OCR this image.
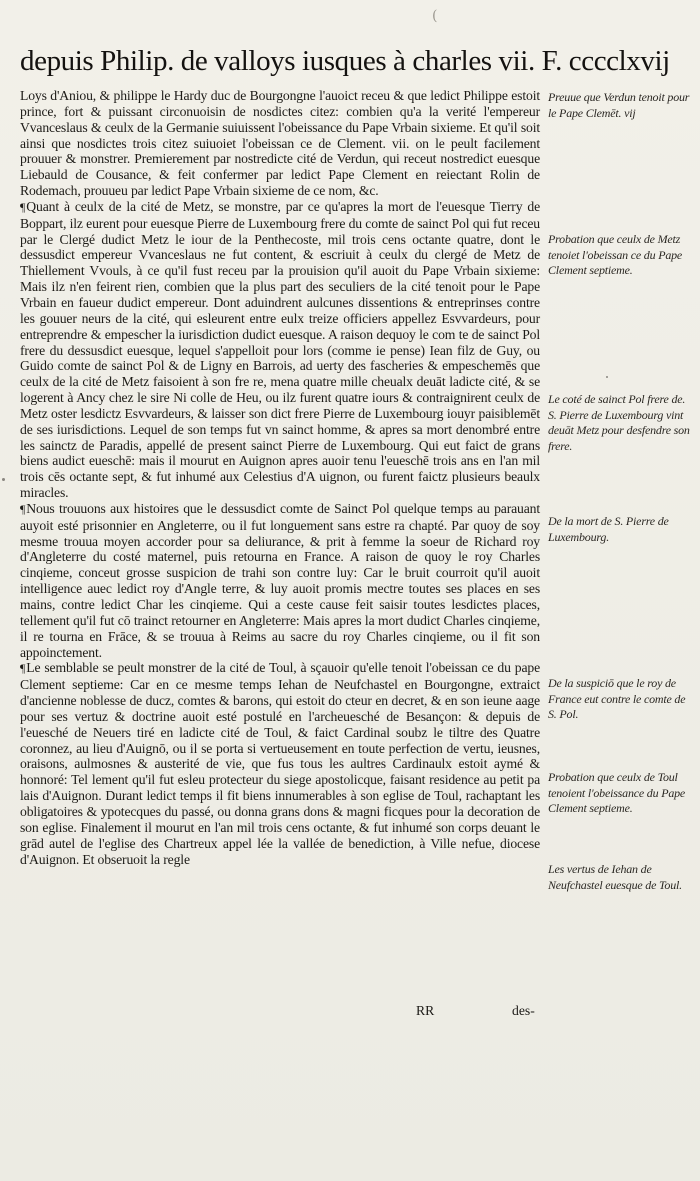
(
depuis Philip. de valloys iusques à charles vii. F. cccclxvij

Loys d'Aniou, & philippe le Hardy duc de Bourgongne l'auoict receu & que ledict Philippe estoit prince, fort & puissant circonuoisin de nosdictes citez: combien qu'a la verité l'empereur Vvanceslaus & ceulx de la Germanie suiuissent l'obeissance du Pape Vrbain sixieme. Et qu'il soit ainsi que nosdictes trois citez suiuoiet l'obeissan ce de Clement. vii. on le peult facilement prouuer & monstrer. Premierement par nostredicte cité de Verdun, qui receut nostredict euesque Liebauld de Cousance, & feit confermer par ledict Pape Clement en reiectant Rolin de Rodemach, prouueu par ledict Pape Vrbain sixieme de ce nom, &c.

¶Quant à ceulx de la cité de Metz, se monstre, par ce qu'apres la mort de l'euesque Tierry de Boppart, ilz eurent pour euesque Pierre de Luxembourg frere du comte de sainct Pol qui fut receu par le Clergé dudict Metz le iour de la Penthecoste, mil trois cens octante quatre, dont le dessusdict empereur Vvanceslaus ne fut content, & escriuit à ceulx du clergé de Metz de Thiellement Vvouls, à ce qu'il fust receu par la prouision qu'il auoit du Pape Vrbain sixieme: Mais ilz n'en feirent rien, combien que la plus part des seculiers de la cité tenoit pour le Pape Vrbain en faueur dudict empereur. Dont aduindrent aulcunes dissentions & entreprinses contre les gouuer neurs de la cité, qui esleurent entre eulx treize officiers appellez Esvvardeurs, pour entreprendre & empescher la iurisdiction dudict euesque. A raison dequoy le com te de sainct Pol frere du dessusdict euesque, lequel s'appelloit pour lors (comme ie pense) Iean filz de Guy, ou Guido comte de sainct Pol & de Ligny en Barrois, ad uerty des fascheries & empeschemēs que ceulx de la cité de Metz faisoient à son fre re, mena quatre mille cheualx deuāt ladicte cité, & se logerent à Ancy chez le sire Ni colle de Heu, ou ilz furent quatre iours & contraignirent ceulx de Metz oster lesdictz Esvvardeurs, & laisser son dict frere Pierre de Luxembourg iouyr paisiblemēt de ses iurisdictions. Lequel de son temps fut vn sainct homme, & apres sa mort denombré entre les sainctz de Paradis, appellé de present sainct Pierre de Luxembourg. Qui eut faict de grans biens audict eueschē: mais il mourut en Auignon apres auoir tenu l'eueschē trois ans en l'an mil trois cēs octante sept, & fut inhumé aux Celestius d'A uignon, ou furent faictz plusieurs beaulx miracles.

¶Nous trouuons aux histoires que le dessusdict comte de Sainct Pol quelque temps au parauant auyoit esté prisonnier en Angleterre, ou il fut longuement sans estre ra chapté. Par quoy de soy mesme trouua moyen accorder pour sa deliurance, & prit à femme la soeur de Richard roy d'Angleterre du costé maternel, puis retourna en France. A raison de quoy le roy Charles cinqieme, conceut grosse suspicion de trahi son contre luy: Car le bruit courroit qu'il auoit intelligence auec ledict roy d'Angle terre, & luy auoit promis mectre toutes ses places en ses mains, contre ledict Char les cinqieme. Qui a ceste cause feit saisir toutes lesdictes places, tellement qu'il fut cō trainct retourner en Angleterre: Mais apres la mort dudict Charles cinqieme, il re tourna en Frāce, & se trouua à Reims au sacre du roy Charles cinqieme, ou il fit son appoinctement.

¶Le semblable se peult monstrer de la cité de Toul, à sçauoir qu'elle tenoit l'obeissan ce du pape Clement septieme: Car en ce mesme temps Iehan de Neufchastel en Bourgongne, extraict d'ancienne noblesse de ducz, comtes & barons, qui estoit do cteur en decret, & en son ieune aage pour ses vertuz & doctrine auoit esté postulé en l'archeuesché de Besançon: & depuis de l'euesché de Neuers tiré en ladicte cité de Toul, & faict Cardinal soubz le tiltre des Quatre coronnez, au lieu d'Auignō, ou il se porta si vertueusement en toute perfection de vertu, ieusnes, oraisons, aulmosnes & austerité de vie, que fus tous les aultres Cardinaulx estoit aymé & honnoré: Tel lement qu'il fut esleu protecteur du siege apostolicque, faisant residence au petit pa lais d'Auignon. Durant ledict temps il fit biens innumerables à son eglise de Toul, rachaptant les obligatoires & ypotecques du passé, ou donna grans dons & magni ficques pour la decoration de son eglise. Finalement il mourut en l'an mil trois cens octante, & fut inhumé son corps deuant le grād autel de l'eglise des Chartreux appel lée la vallée de benediction, à Ville nefue, diocese d'Auignon. Et obseruoit la regle

Preuue que Verdun tenoit pour le Pape Clemēt. vij
Probation que ceulx de Metz tenoiet l'obeissan ce du Pape Clement septieme.
Le coté de sainct Pol frere de. S. Pierre de Luxembourg vint deuāt Metz pour desfendre son frere.
De la mort de S. Pierre de Luxembourg.
De la suspiciō que le roy de France eut contre le comte de S. Pol.
Probation que ceulx de Toul tenoient l'obeissance du Pape Clement septieme.
Les vertus de Iehan de Neufchastel euesque de Toul.
RR	des-
